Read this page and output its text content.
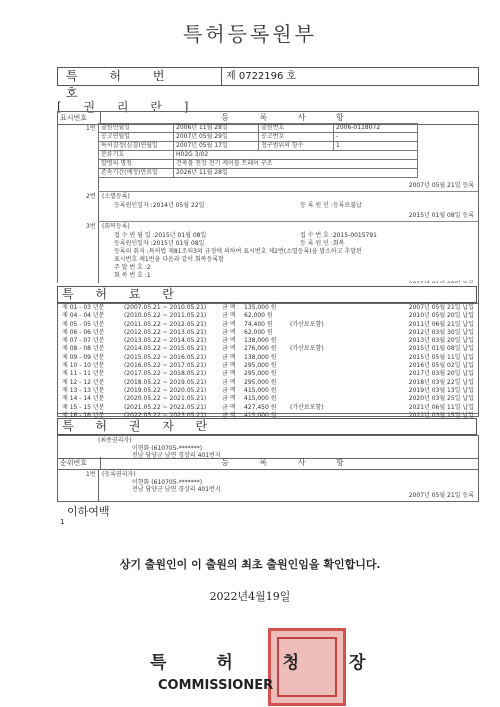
특허등록원부
특 허 번 호
제 0722196 호
[ 권 리 란 ]
표시번호	등 록 사 항
1번 출원연월일	2006년 11월 28일	출원번호	2006-0118072
공고연월일	2007년 05월 29일	공고번호	-
특허결정(심결)연월일	2007년 05월 17일	청구범위의 항수	1
분류기호	H02G 3/02		
발명의 명칭	건축물 천장 전기 케이블 트레이 구조		
존속기간(예정)만료일	2026년 11월 28일		
2007년 05월 21일 등록
2번 (소멸등록)
등록원인일자 :2014년 05월 22일	등 록 원 인 :등록료불납
2015년 01월 08일 등록
3번 (회복등록)
접 수 연 월 일 :2015년 01월 08일	접 수 번 호 :2015-0015791
등록원인일자 :2015년 01월 08일	등 록 원 인 :회복
등록의 취지 :특허법 제81조의3의 규정에 의하여 표시번호 제2번(소멸등록)을 말소하고 추말된
표시번호 제1번을 다음과 같이 회복등록함
주 말 번 호 :2
회 복 번 호 :1
특 허 료 란
제 01 - 03 년분	(2007.05.21 ~ 2010.05.21)	금 액	135,000 원	2007년 05월 21일 납입
제 04 - 04 년분	(2010.05.22 ~ 2011.05.21)	금 액	62,000 원	2010년 05월 20일 납입
제 05 - 05 년분	(2011.05.22 ~ 2012.05.21)	금 액	74,400 원	(가산료포함)	2011년 06월 21일 납입
제 06 - 06 년분	(2012.05.22 ~ 2013.05.21)	금 액	62,000 원	2012년 03월 30일 납입
제 07 - 07 년분	(2013.05.22 ~ 2014.05.21)	금 액	138,000 원	2013년 03월 20일 납입
제 08 - 08 년분	(2014.05.22 ~ 2015.05.21)	금 액	276,000 원	(가산료포함)	2015년 01월 08일 납입
제 09 - 09 년분	(2015.05.22 ~ 2016.05.21)	금 액	138,000 원	2015년 05월 11일 납입
제 10 - 10 년분	(2016.05.22 ~ 2017.05.21)	금 액	295,000 원	2016년 05월 02일 납입
제 11 - 11 년분	(2017.05.22 ~ 2018.05.21)	금 액	295,000 원	2017년 03월 20일 납입
제 12 - 12 년분	(2018.05.22 ~ 2019.05.21)	금 액	295,000 원	2018년 03월 22일 납입
제 13 - 13 년분	(2019.05.22 ~ 2020.05.21)	금 액	415,000 원	2019년 03월 13일 납입
제 14 - 14 년분	(2020.05.22 ~ 2021.05.21)	금 액	415,000 원	2020년 03월 25일 납입
제 15 - 15 년분	(2021.05.22 ~ 2022.05.21)	금 액	427,450 원	(가산료포함)	2021년 06월 11일 납입
제 16 - 16 년분	(2022.05.22 ~ 2023.05.21)	금 액	415,000 원	2022년 03월 15일 납입
특 허 권 자 란
(최종권리자)
이현화 (610705-*******)
전남 담양군 남면 경상리 401번지
순위번호	등 록 사 항
1번 (등록권리자)
이현화 (610705-*******)
전남 담양군 남면 경상리 401번지
2007년 05월 21일 등록
이하여백
1
상기 출원인이 이 출원의 최초 출원인임을 확인합니다.
2022년4월19일
특 허 청 장
COMMISSIONER
